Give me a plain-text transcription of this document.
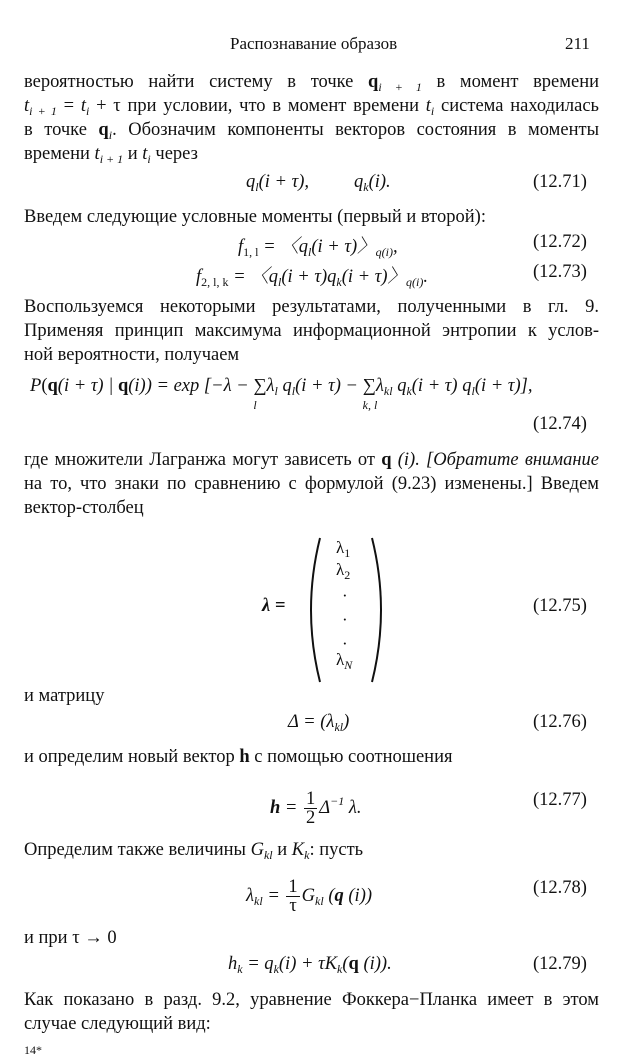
Распознавание образов	211
вероятностью найти систему в точке $q_{i + 1}$ в момент времени
$t_{i + 1} = t_i + \tau$ при условии, что в момент времени $t_i$ система находилась
в точке $q_i$. Обозначим компоненты векторов состояния в моменты
времени $t_{i + 1}$ и $t_i$ через
$q_l(i + \tau)$, $q_k(i)$.	(12.71)
Введем следующие условные моменты (первый и второй):
$f_{1, l}$ = 〈$q_l(i + \tau)$〉$_{q(i)}$,	(12.72)
$f_{2, l, k}$ = 〈$q_l(i + \tau)q_k(i + \tau)$〉$_{q(i)}$.	(12.73)
Воспользуемся некоторыми результатами, полученными в гл. 9.
Применяя принцип максимума информационной энтропии к услов-
ной вероятности, получаем
P(q(i + τ) | q(i)) = exp [−λ − ∑
l
$\lambda_l$ $q_l(i + \tau)$ − ∑
k, l
$\lambda_{kl}$ $q_k(i + \tau) q_l(i + \tau)$],
(12.74)
где множители Лагранжа могут зависеть от q (i). [Обратите внимание
на то, что знаки по сравнению с формулой (9.23) изменены.] Введем
вектор-столбец
λ =	(12.75)
$\lambda_1$
$\lambda_2$
·
·
·
$\lambda_N$
и матрицу
$\Delta = (\lambda_{kl})$	(12.76)
и определим новый вектор h с помощью соотношения
$h = \frac{1}{2} \Delta^{-1}$ λ.	(12.77)
Определим также величины $G_{kl}$ и $K_k$: пусть
$\lambda_{kl} = \frac{1}{\tau} G_{kl}$ (q (i))	(12.78)
и при τ → 0
$h_k = q_k(i) + \tau K_k(q$ (i)).	(12.79)
Как показано в разд. 9.2, уравнение Фоккера−Планка имеет в этом
случае следующий вид:
14*
